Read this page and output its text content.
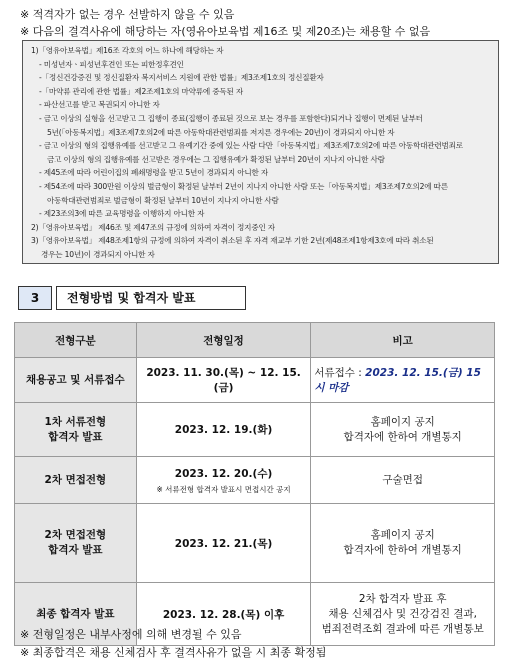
※ 적격자가 없는 경우 선발하지 않을 수 있음
※ 다음의 결격사유에 해당하는 자(영유아보육법 제16조 및 제20조)는 채용할 수 없음
1)「영유아보육법」제16조 각호의 어느 하나에 해당하는 자
- 미성년자ㆍ피성년후견인 또는 피한정후견인
-「정신건강증진 및 정신질환자 복지서비스 지원에 관한 법률」제3조제1호의 정신질환자
-「마약류 관리에 관한 법률」제2조제1호의 마약류에 중독된 자
- 파산선고를 받고 복권되지 아니한 자
- 금고 이상의 실형을 선고받고 그 집행이 종료(집행이 종료된 것으로 보는 경우를 포함한다)되거나 집행이 면제된 날부터
5년(「아동복지법」제3조제7호의2에 따른 아동학대관련범죄를 저지른 경우에는 20년)이 경과되지 아니한 자
- 금고 이상의 형의 집행유예를 선고받고 그 유예기간 중에 있는 사람 다만「아동복지법」제3조제7호의2에 따른 아동학대관련범죄로
금고 이상의 형의 집행유예를 선고받은 경우에는 그 집행유예가 확정된 날부터 20년이 지나지 아니한 사람
- 제45조에 따라 어린이집의 폐쇄명령을 받고 5년이 경과되지 아니한 자
- 제54조에 따라 300만원 이상의 벌금형이 확정된 날부터 2년이 지나지 아니한 사람 또는「아동복지법」제3조제7호의2에 따른
아동학대관련범죄로 벌금형이 확정된 날부터 10년이 지나지 아니한 사람
- 제23조의3에 따른 교육명령을 이행하지 아니한 자
2)「영유아보육법」 제46조 및 제47조의 규정에 의하여 자격이 정지중인 자
3)「영유아보육법」 제48조제1항의 규정에 의하여 자격이 취소된 후 자격 재교부 기한 2년(제48조제1항제3호에 따라 취소된
경우는 10년)이 경과되지 아니한 자
3	전형방법 및 합격자 발표
전형구분	전형일정	비고

채용공고 및 서류접수	2023. 11. 30.(목) ~ 12. 15.(금)	서류접수 : 2023. 12. 15.(금) 15시 마감

1차 서류전형
합격자 발표	2023. 12. 19.(화)	홈페이지 공지
합격자에 한하여 개별통지

2차 면접전형	2023. 12. 20.(수)
※ 서류전형 합격자 발표시 면접시간 공지	구술면접

2차 면접전형
합격자 발표	2023. 12. 21.(목)	홈페이지 공지
합격자에 한하여 개별통지

최종 합격자 발표	2023. 12. 28.(목) 이후	2차 합격자 발표 후
채용 신체검사 및 건강검진 결과,
범죄전력조회 결과에 따른 개별통보
※ 전형일정은 내부사정에 의해 변경될 수 있음
※ 최종합격은 채용 신체검사 후 결격사유가 없을 시 최종 확정됨
